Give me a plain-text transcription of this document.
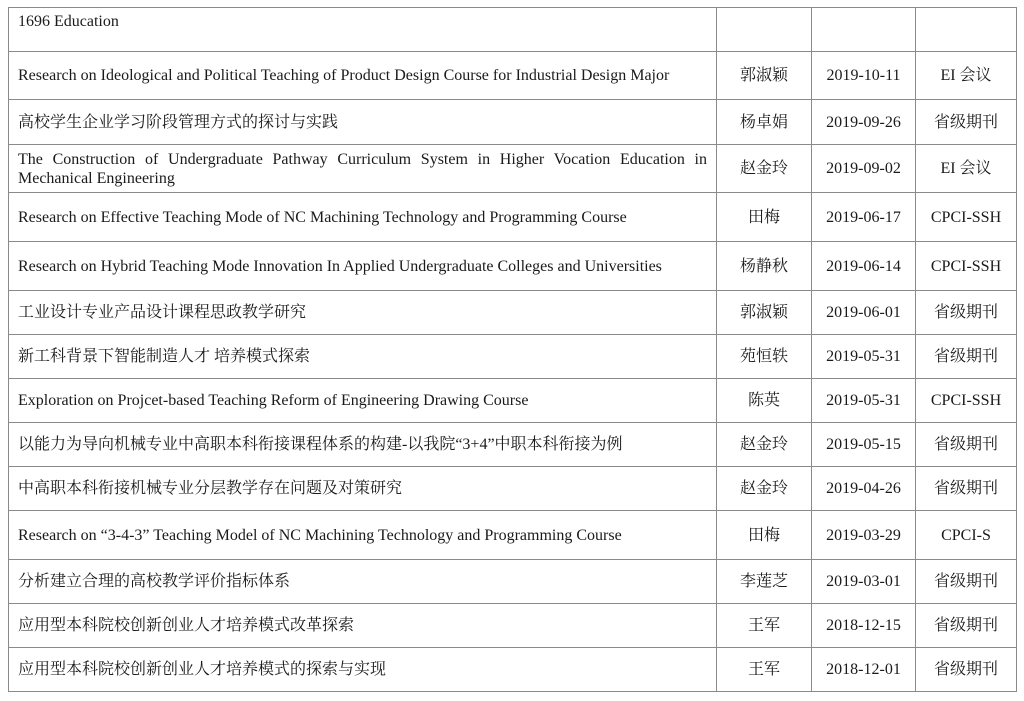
1696 Education			
Research on Ideological and Political Teaching of Product Design Course for Industrial Design Major	郭淑颖	2019-10-11	EI 会议
高校学生企业学习阶段管理方式的探讨与实践	杨卓娟	2019-09-26	省级期刊
The Construction of Undergraduate Pathway Curriculum System in Higher Vocation Education in Mechanical Engineering	赵金玲	2019-09-02	EI 会议
Research on Effective Teaching Mode of NC Machining Technology and Programming Course	田梅	2019-06-17	CPCI-SSH
Research on Hybrid Teaching Mode Innovation In Applied Undergraduate Colleges and Universities	杨静秋	2019-06-14	CPCI-SSH
工业设计专业产品设计课程思政教学研究	郭淑颖	2019-06-01	省级期刊
新工科背景下智能制造人才 培养模式探索	苑恒轶	2019-05-31	省级期刊
Exploration on Projcet-based Teaching Reform of Engineering Drawing Course	陈英	2019-05-31	CPCI-SSH
以能力为导向机械专业中高职本科衔接课程体系的构建-以我院“3+4”中职本科衔接为例	赵金玲	2019-05-15	省级期刊
中高职本科衔接机械专业分层教学存在问题及对策研究	赵金玲	2019-04-26	省级期刊
Research on “3-4-3” Teaching Model of NC Machining Technology and Programming Course	田梅	2019-03-29	CPCI-S
分析建立合理的高校教学评价指标体系	李莲芝	2019-03-01	省级期刊
应用型本科院校创新创业人才培养模式改革探索	王军	2018-12-15	省级期刊
应用型本科院校创新创业人才培养模式的探索与实现	王军	2018-12-01	省级期刊
